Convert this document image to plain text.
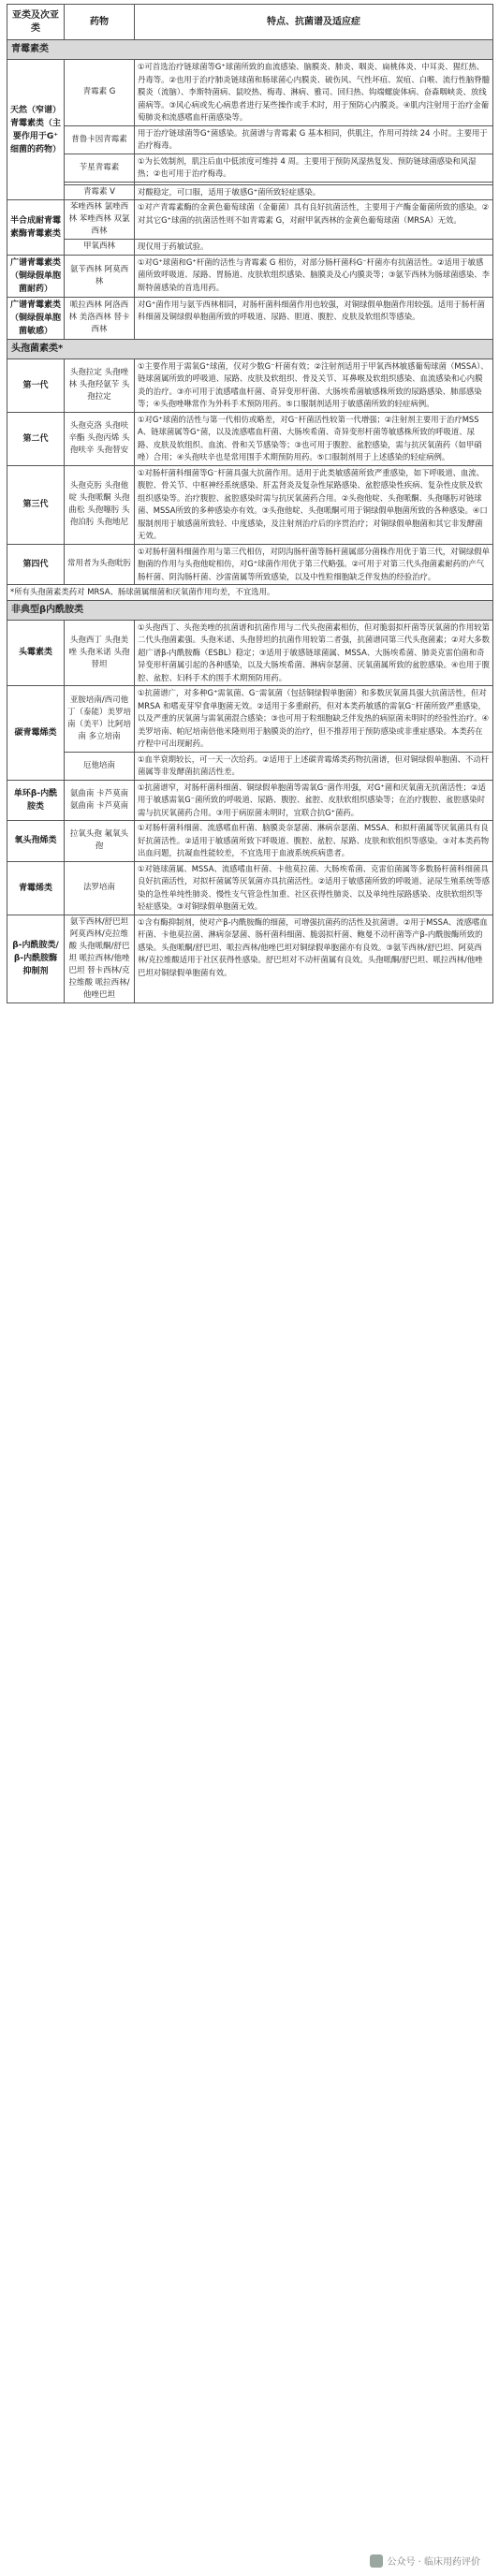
亚类及次亚类	药物	特点、抗菌谱及适应症
青霉素类		
天然（窄谱）青霉素类（主要作用于G⁺细菌的药物）	青霉素 G	①可首选治疗链球菌等G⁺球菌所致的血流感染、脑膜炎、肺炎、咽炎、扁桃体炎、中耳炎、猩红热、丹毒等。②也用于治疗肺炎链球菌和肠球菌心内膜炎、破伤风、气性坏疽、炭疽、白喉、流行性脑脊髓膜炎（流脑）、李斯特菌病、鼠咬热、梅毒、淋病、雅司、回归热、钩端螺旋体病、奋森咽峡炎、放线菌病等。③风心病或先心病患者进行某些操作或手术时，用于预防心内膜炎。④肌内注射用于治疗金葡萄肺炎和流感嗜血杆菌感染等。
	普鲁卡因青霉素	用于治疗链球菌等G⁺菌感染。抗菌谱与青霉素 G 基本相同，供肌注，作用可持续 24 小时。主要用于治疗梅毒。
	苄星青霉素	①为长效制剂，肌注后血中低浓度可维持 4 周。主要用于预防风湿热复发、预防链球菌感染和风湿热；②也可用于治疗梅毒。

	青霉素 V	对酸稳定，可口服，适用于敏感G⁺菌所致轻症感染。
半合成耐青霉素酶青霉素类	苯唑西林 氯唑西林 苯唑西林 双氯西林	①对产青霉素酶的金黄色葡萄球菌（金葡菌）具有良好抗菌活性，主要用于产酶金葡菌所致的感染。②对其它G⁺球菌的抗菌活性则不如青霉素 G，对耐甲氧西林的金黄色葡萄球菌（MRSA）无效。
	甲氧西林	现仅用于药敏试验。
广谱青霉素类（铜绿假单胞菌耐药）	氨苄西林 阿莫西林	①对G⁺球菌和G⁺杆菌的活性与青霉素 G 相仿，对部分肠杆菌科G⁻杆菌亦有抗菌活性。②适用于敏感菌所致呼吸道、尿路、胃肠道、皮肤软组织感染、脑膜炎及心内膜炎等；③氨苄西林为肠球菌感染、李斯特菌感染的首选用药。
广谱青霉素类（铜绿假单胞菌敏感）	哌拉西林 阿洛西林 美洛西林 替卡西林	对G⁺菌作用与氨苄西林相同，对肠杆菌科细菌作用也较强，对铜绿假单胞菌作用较强。适用于肠杆菌科细菌及铜绿假单胞菌所致的呼吸道、尿路、胆道、腹腔、皮肤及软组织等感染。
头孢菌素类*		
第一代	头孢拉定 头孢唑林 头孢羟氨苄 头孢拉定	①主要作用于需氧G⁺球菌，仅对少数G⁻杆菌有效；②注射剂适用于甲氧西林敏感葡萄球菌（MSSA）、链球菌属所致的呼吸道、尿路、皮肤及软组织、骨及关节、耳鼻喉及软组织感染、血流感染和心内膜炎的治疗。③亦可用于流感嗜血杆菌、奇异变形杆菌、大肠埃希菌敏感株所致的尿路感染、肺部感染等；④头孢唑啉常作为外科手术预防用药。⑤口服制剂适用于敏感菌所致的轻症病例。
第二代	头孢克洛 头孢呋辛酯 头孢丙烯 头孢呋辛 头孢替安	①对G⁺球菌的活性与第一代相仿或略差，对G⁻杆菌活性较第一代增强；②注射剂主要用于治疗MSSA、链球菌属等G⁺菌，以及流感嗜血杆菌、大肠埃希菌、奇异变形杆菌等敏感株所致的呼吸道、尿路、皮肤及软组织、血流、骨和关节感染等；③也可用于腹腔、盆腔感染，需与抗厌氧菌药（如甲硝唑）合用；④头孢呋辛也是常用围手术期预防用药。⑤口服制剂用于上述感染的轻症病例。
第三代	头孢克肟 头孢他啶 头孢哌酮 头孢曲松 头孢噻肟 头孢泊肟 头孢地尼	①对肠杆菌科细菌等G⁻杆菌具强大抗菌作用。适用于此类敏感菌所致严重感染，如下呼吸道、血流、腹腔、骨关节、中枢神经系统感染、肝盂肾炎及复杂性尿路感染、盆腔感染性疾病、复杂性皮肤及软组织感染等。治疗腹腔、盆腔感染时需与抗厌氧菌药合用。②头孢他啶、头孢哌酮、头孢噻肟对链球菌、MSSA所致的多种感染亦有效。③头孢他啶、头孢哌酮可用于铜绿假单胞菌所致的各种感染。④口服制剂用于敏感菌所致轻、中度感染，及注射剂治疗后的序贯治疗；对铜绿假单胞菌和其它非发酵菌无效。
第四代	常用者为头孢吡肟	①对肠杆菌科细菌作用与第三代相仿，对阴沟肠杆菌等肠杆菌属部分菌株作用优于第三代，对铜绿假单胞菌的作用与头孢他啶相仿，对G⁺球菌作用优于第三代略强。②可用于对第三代头孢菌素耐药的产气肠杆菌、阴沟肠杆菌、沙雷菌属等所致感染，以及中性粒细胞缺乏伴发热的经验治疗。
*所有头孢菌素类药对 MRSA、肠球菌属细菌和厌氧菌作用均差，不宜选用。		
非典型β内酰胺类		
头霉素类	头孢西丁 头孢美唑 头孢米诺 头孢替坦	①头孢西丁、头孢美唑的抗菌谱和抗菌作用与二代头孢菌素相仿，但对脆弱拟杆菌等厌氧菌的作用较第二代头孢菌素强。头孢米诺、头孢替坦的抗菌作用较第二者强，抗菌谱同第三代头孢菌素；②对大多数超广谱β-内酰胺酶（ESBL）稳定；③适用于敏感链球菌属、MSSA、大肠埃希菌、肺炎克雷伯菌和奇异变形杆菌属引起的各种感染，以及大肠埃希菌、淋病奈瑟菌、厌氧菌属所致的盆腔感染。④也用于腹腔、盆腔、妇科手术的围手术期预防用药。
碳青霉烯类	亚胺培南/西司他丁（泰能）美罗培南（美平）比阿培南 多立培南	①抗菌谱广，对多种G⁺需氧菌、G⁻需氧菌（包括铜绿假单胞菌）和多数厌氧菌具强大抗菌活性，但对 MRSA 和嗜麦芽窄食单胞菌无效。②适用于多重耐药，但对本类药敏感的需氧G⁻杆菌所致严重感染，以及严重的厌氧菌与需氧菌混合感染；③也可用于粒细胞缺乏伴发热的病原菌未明时的经验性治疗。④美罗培南、帕尼培南倍他米隆则用于脑膜炎的治疗，但不推荐用于预防感染或非重症感染。本类药在疗程中可出现耐药。
	厄他培南	①血半衰期较长，可一天一次给药。②适用于上述碳青霉烯类药物抗菌谱，但对铜绿假单胞菌、不动杆菌属等非发酵菌抗菌活性差。
单环β-内酰胺类	氨曲南 卡芦莫南 氨曲南 卡芦莫南	①抗菌谱窄，对肠杆菌科细菌、铜绿假单胞菌等需氧G⁻菌作用强，对G⁺菌和厌氧菌无抗菌活性；②适用于敏感需氧G⁻菌所致的呼吸道、尿路、腹腔、盆腔、皮肤软组织感染等；在治疗腹腔、盆腔感染时需与抗厌氧菌药合用。③用于病原菌未明时，宜联合抗G⁺菌药。
氧头孢烯类	拉氧头孢 氟氧头孢	①对肠杆菌科细菌、流感嗜血杆菌、脑膜炎奈瑟菌、淋病奈瑟菌、MSSA、和拟杆菌属等厌氧菌具有良好抗菌活性。②适用于敏感菌所致下呼吸道、腹腔、盆腔、尿路、皮肤和软组织等感染。③对本类药物出血问题，抗凝血性能较差，不宜选用于血液系统疾病患者。
青霉烯类	法罗培南	①对链球菌属、MSSA、流感嗜血杆菌、卡他莫拉菌、大肠埃希菌、克雷伯菌属等多数肠杆菌科细菌具良好抗菌活性，对拟杆菌属等厌氧菌亦具抗菌活性。②适用于敏感菌所致的呼吸道、泌尿生殖系统等感染的急性单纯性肺炎、慢性支气管急性加重、社区获得性肺炎、以及单纯性尿路感染、皮肤软组织等轻症感染。③对铜绿假单胞菌无效。
β-内酰胺类/β-内酰胺酶抑制剂	氨苄西林/舒巴坦 阿莫西林/克拉维酸 头孢哌酮/舒巴坦 哌拉西林/他唑巴坦 替卡西林/克拉维酸 哌拉西林/他唑巴坦	①含有酶抑制剂，使对产β-内酰胺酶的细菌，可增强抗菌药的活性及抗菌谱。②用于MSSA、流感嗜血杆菌、卡他莫拉菌、淋病奈瑟菌、肠杆菌科细菌、脆弱拟杆菌、鲍曼不动杆菌等产β-内酰胺酶所致的感染。头孢哌酮/舒巴坦、哌拉西林/他唑巴坦对铜绿假单胞菌亦有良效。③氨苄西林/舒巴坦、阿莫西林/克拉维酸适用于社区获得性感染。舒巴坦对不动杆菌属有良效。头孢哌酮/舒巴坦、哌拉西林/他唑巴坦对铜绿假单胞菌有效。
公众号 · 临床用药评价
